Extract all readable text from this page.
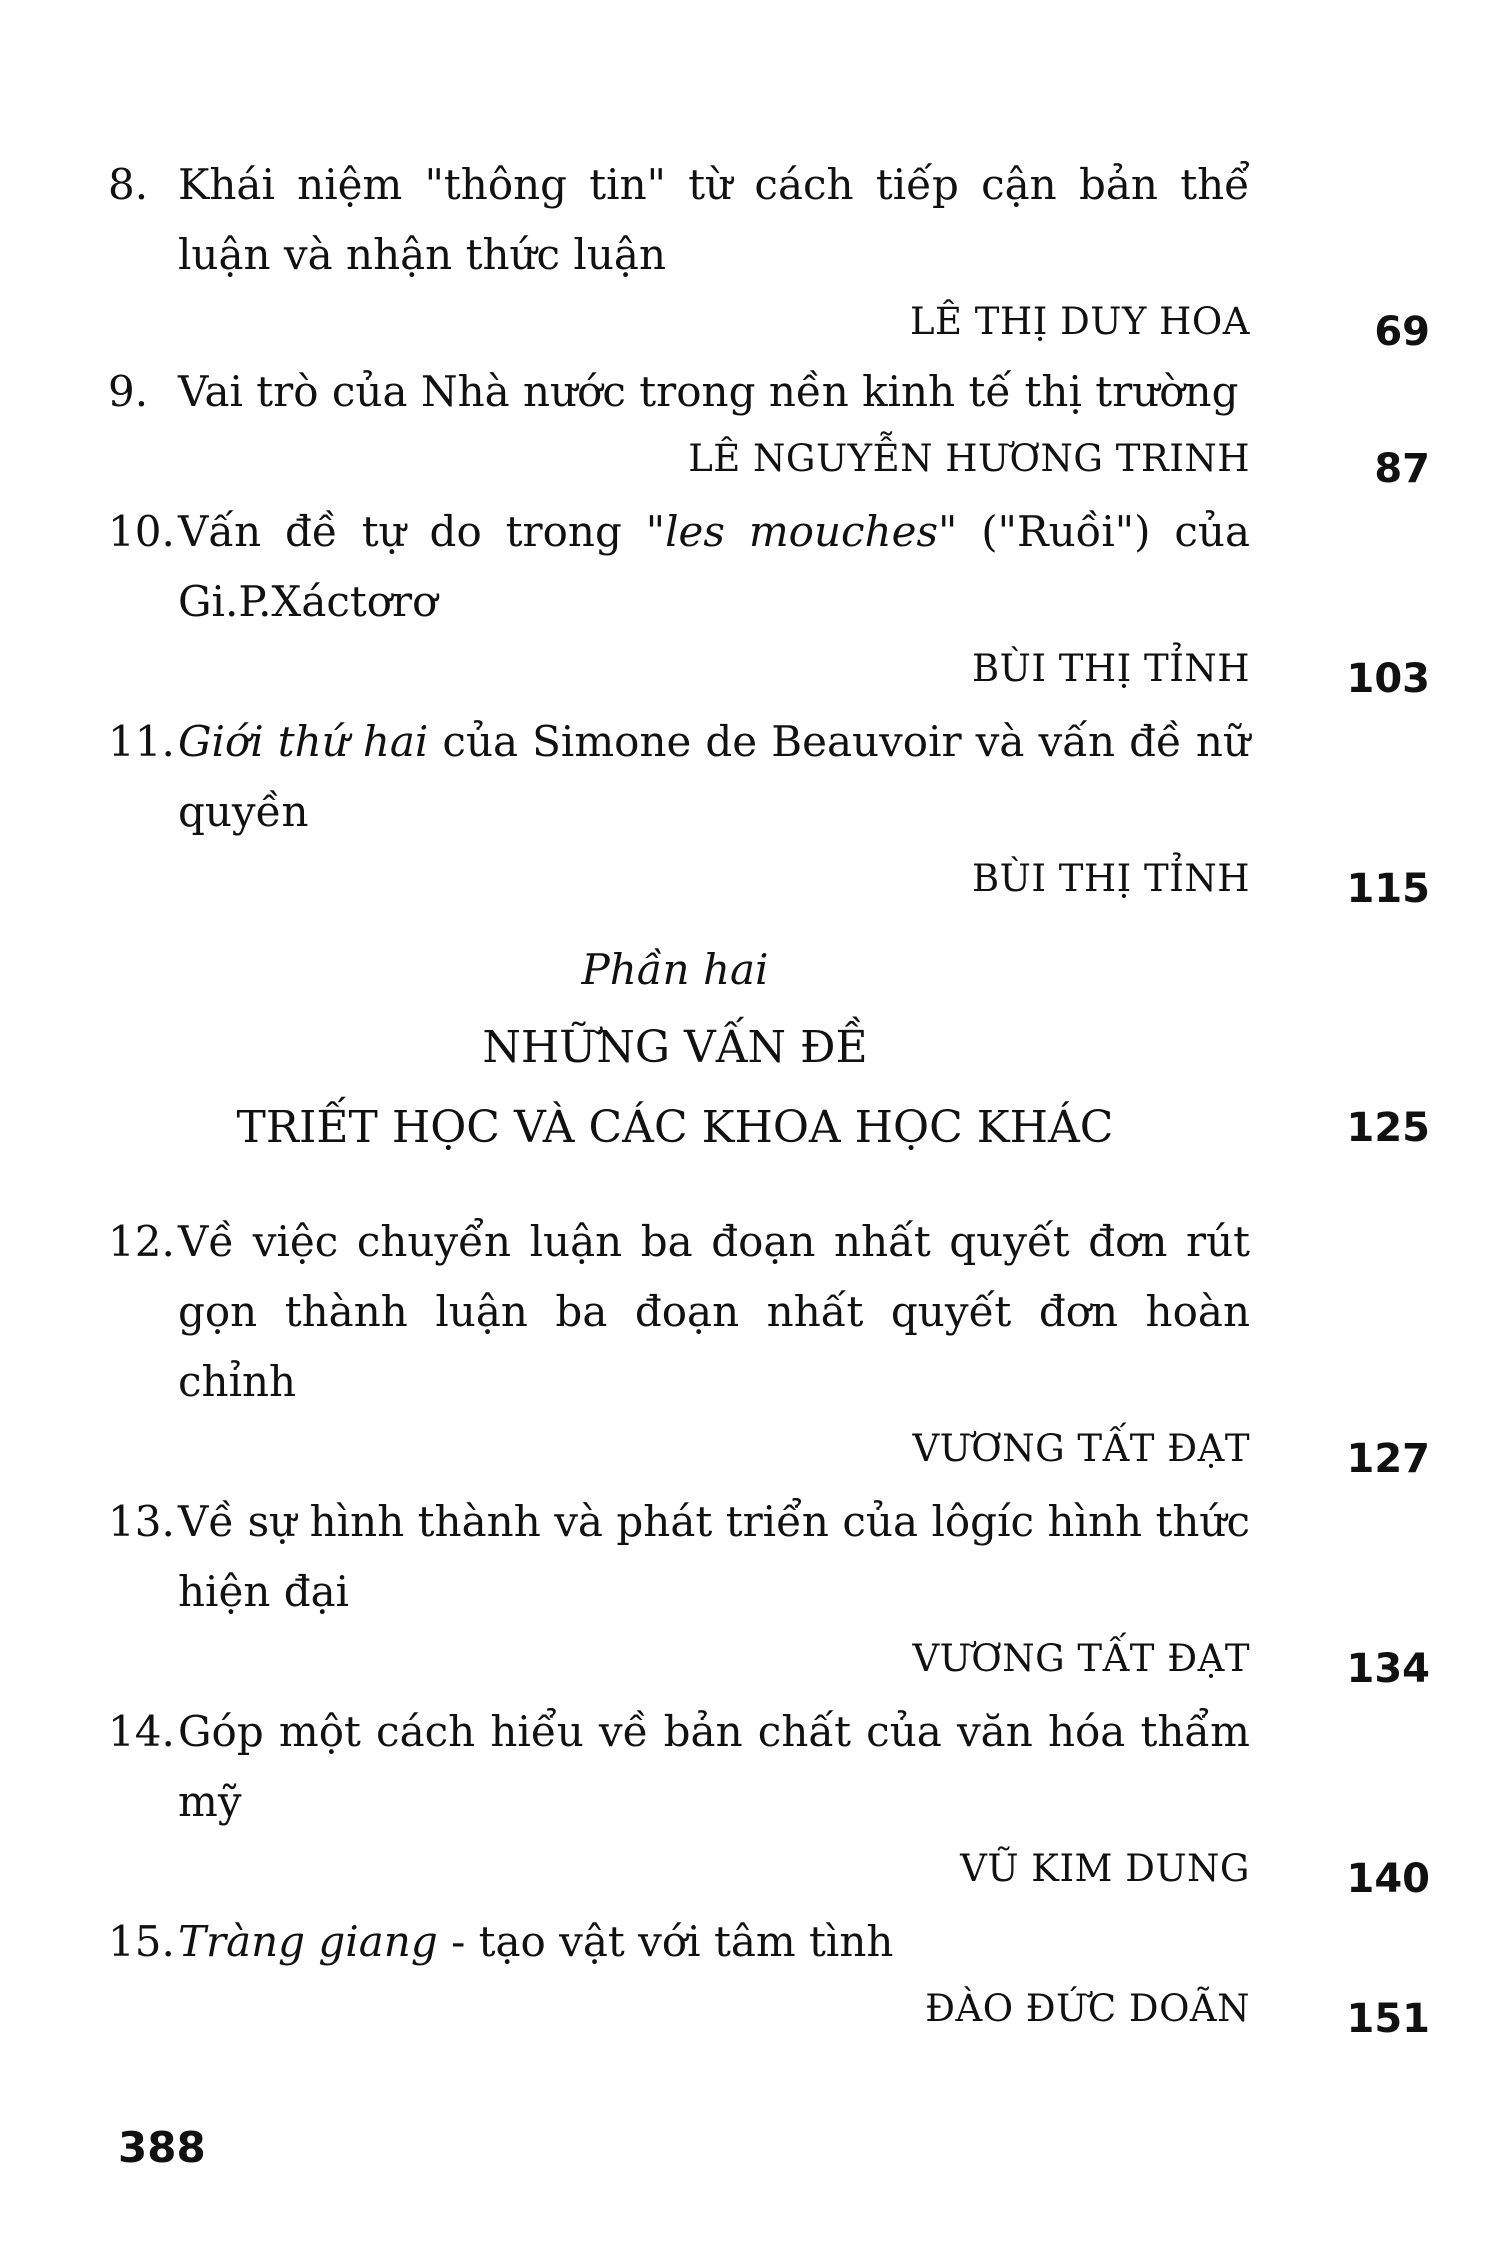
8. Khái niệm "thông tin" từ cách tiếp cận bản thể luận và nhận thức luận
LÊ THỊ DUY HOA	69
9. Vai trò của Nhà nước trong nền kinh tế thị trường
LÊ NGUYỄN HƯƠNG TRINH	87
10. Vấn đề tự do trong "les mouches" ("Ruồi") của Gi.P.Xáctơrơ
BÙI THỊ TỈNH 103
11. Giới thứ hai của Simone de Beauvoir và vấn đề nữ quyền
BÙI THỊ TỈNH 115
Phần hai
NHỮNG VẤN ĐỀ
TRIẾT HỌC VÀ CÁC KHOA HỌC KHÁC	125
12. Về việc chuyển luận ba đoạn nhất quyết đơn rút gọn thành luận ba đoạn nhất quyết đơn hoàn chỉnh
VƯƠNG TẤT ĐẠT 127
13. Về sự hình thành và phát triển của lôgíc hình thức hiện đại
VƯƠNG TẤT ĐẠT 134
14. Góp một cách hiểu về bản chất của văn hóa thẩm mỹ
VŨ KIM DUNG 140
15. Tràng giang - tạo vật với tâm tình
ĐÀO ĐỨC DOÃN 151
388
